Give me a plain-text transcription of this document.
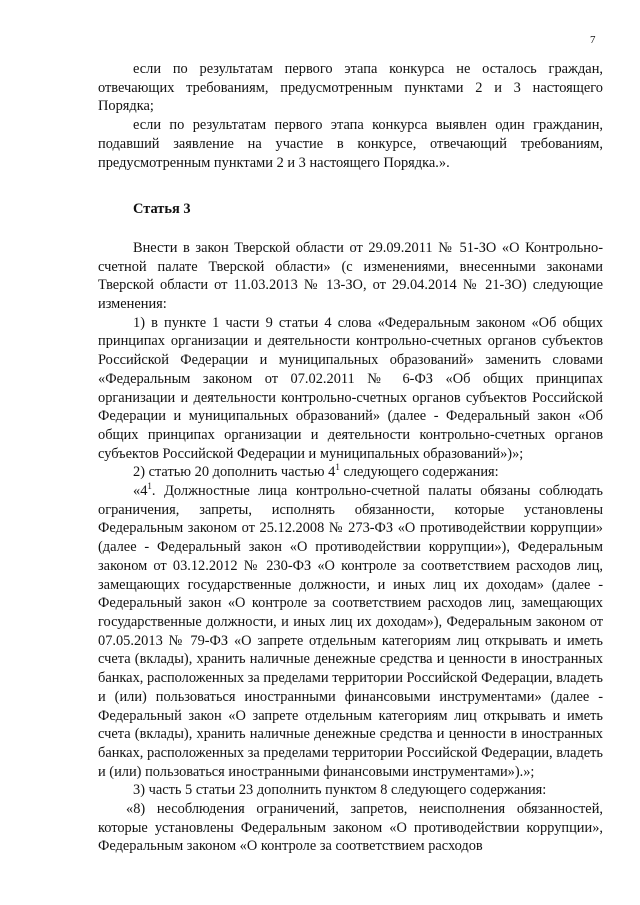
7

если по результатам первого этапа конкурса не осталось граждан, отвечающих требованиям, предусмотренным пунктами 2 и 3 настоящего Порядка;

если по результатам первого этапа конкурса выявлен один гражданин, подавший заявление на участие в конкурсе, отвечающий требованиям, предусмотренным пунктами 2 и 3 настоящего Порядка.».

Статья 3

Внести в закон Тверской области от 29.09.2011 № 51-ЗО «О Контрольно-счетной палате Тверской области» (с изменениями, внесенными законами Тверской области от 11.03.2013 № 13-ЗО, от 29.04.2014 № 21-ЗО) следующие изменения:

1) в пункте 1 части 9 статьи 4 слова «Федеральным законом «Об общих принципах организации и деятельности контрольно-счетных органов субъектов Российской Федерации и муниципальных образований» заменить словами «Федеральным законом от 07.02.2011 № 6-ФЗ «Об общих принципах организации и деятельности контрольно-счетных органов субъектов Российской Федерации и муниципальных образований» (далее - Федеральный закон «Об общих принципах организации и деятельности контрольно-счетных органов субъектов Российской Федерации и муниципальных образований»)»;

2) статью 20 дополнить частью $4^1$ следующего содержания:

«$4^1$. Должностные лица контрольно-счетной палаты обязаны соблюдать ограничения, запреты, исполнять обязанности, которые установлены Федеральным законом от 25.12.2008 № 273-ФЗ «О противодействии коррупции» (далее - Федеральный закон «О противодействии коррупции»), Федеральным законом от 03.12.2012 № 230-ФЗ «О контроле за соответствием расходов лиц, замещающих государственные должности, и иных лиц их доходам» (далее - Федеральный закон «О контроле за соответствием расходов лиц, замещающих государственные должности, и иных лиц их доходам»), Федеральным законом от 07.05.2013 № 79-ФЗ «О запрете отдельным категориям лиц открывать и иметь счета (вклады), хранить наличные денежные средства и ценности в иностранных банках, расположенных за пределами территории Российской Федерации, владеть и (или) пользоваться иностранными финансовыми инструментами» (далее - Федеральный закон «О запрете отдельным категориям лиц открывать и иметь счета (вклады), хранить наличные денежные средства и ценности в иностранных банках, расположенных за пределами территории Российской Федерации, владеть и (или) пользоваться иностранными финансовыми инструментами»).»;

3) часть 5 статьи 23 дополнить пунктом 8 следующего содержания:

«8) несоблюдения ограничений, запретов, неисполнения обязанностей, которые установлены Федеральным законом «О противодействии коррупции», Федеральным законом «О контроле за соответствием расходов
